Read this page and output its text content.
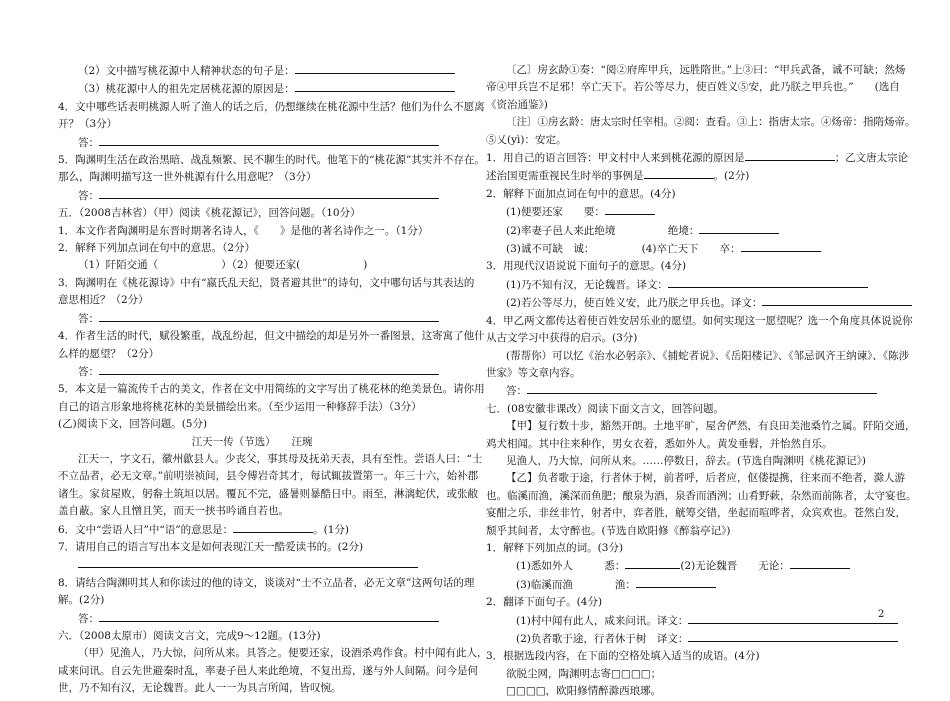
（2）文中描写桃花源中人精神状态的句子是：
（3）桃花源中人的祖先定居桃花源的原因是：
4．文中哪些话表明桃源人听了渔人的话之后，仍想继续在桃花源中生活？他们为什么不愿离
开？（3分）
答：
5．陶渊明生活在政治黑暗、战乱频繁、民不聊生的时代。他笔下的“桃花源”其实并不存在。
那么，陶渊明描写这一世外桃源有什么用意呢？（3分）
答：
五．（2008吉林省）（甲）阅读《桃花源记》，回答问题。（10分）
1．本文作者陶渊明是东晋时期著名诗人，《　　》是他的著名诗作之一。（1分）
2．解释下列加点词在句中的意思。（2分）
（1）阡陌交通（　　　　　　）（2）便要还家(　　　　　　)
3．陶渊明在《桃花源诗》中有“嬴氏乱天纪，贤者避其世”的诗句，文中哪句话与其表达的
意思相近？（2分）
答：
4．作者生活的时代，赋役繁重，战乱纷起，但文中描绘的却是另外一番图景，这寄寓了他什
么样的愿望？（2分）
答：
5．本文是一篇流传千古的美文，作者在文中用简练的文字写出了桃花林的绝美景色。请你用
自己的语言形象地将桃花林的美景描绘出来。（至少运用一种修辞手法）（3分）
(乙)阅读下文，回答问题。(5分)
江天一传（节选）　　汪琬
江天一，字文石，徽州歙县人。少丧父，事其母及抚弟天表，具有至性。尝语人曰：“士
不立品者，必无文章。”前明崇祯间，县令傅岩奇其才，每试辄拔置第一。年三十六，始补郡
诸生。家贫屋败，躬畚土筑垣以居。覆瓦不完，盛暑则暴酷日中。雨至，淋漓蛇伏，或张敝
盖自蔽。家人且憎且笑，而天一挟书吟诵自若也。
6．文中“尝语人曰”中“语”的意思是：	。(1分)
7．请用自己的语言写出本文是如何表现江天一酷爱读书的。(2分)
8．请结合陶渊明其人和你读过的他的诗文，谈谈对“士不立品者，必无文章”这两句话的理
解。(2分)
答：
六．（2008太原市）阅读文言文，完成9～12题。(13分)
（甲）见渔人，乃大惊，问所从来。具答之。便要还家，设酒杀鸡作食。村中闻有此人，
咸来问讯。自云先世避秦时乱，率妻子邑人来此绝境，不复出焉，遂与外人间隔。问今是何
世，乃不知有汉，无论魏晋。此人一一为具言所闻，皆叹惋。
〔乙〕房玄龄①奏：“阅②府库甲兵，远胜隋世。”上③曰：“甲兵武备，诚不可缺；然炀
帝④甲兵岂不足邪！卒亡天下。若公等尽力，使百姓义⑤安，此乃朕之甲兵也。”　　(选自
《资治通鉴》)
〔注〕①房玄龄：唐太宗时任宰相。②阅：查看。③上：指唐太宗。④炀帝：指隋炀帝。
⑤乂(yì)：安定。
1．用自己的语言回答：甲文村中人来到桃花源的原因是	；乙文唐太宗论
述治国更需重视民生时举的事例是	。(2分)
2．解释下面加点词在句中的意思。(4分)
(1)便要还家　　要：
(2)率妻子邑人来此绝境　　　　　绝境：
(3)诚不可缺　诚：　　　　　(4)卒亡天下　　卒：
3．用现代汉语说说下面句子的意思。(4分)
(1)乃不知有汉，无论魏晋。译文：
(2)若公等尽力，使百姓义安，此乃朕之甲兵也。译文：
4．甲乙两文都传达着使百姓安居乐业的愿望。如何实现这一愿望呢？选一个角度具体说说你
从古文学习中获得的启示。(3分)
(帮帮你）可以忆《治水必躬亲》、《捕蛇者说》、《岳阳楼记》、《邹忌讽齐王纳谏》、《陈涉
世家》等文章内容。
答：
七．(08安徽非课改）阅读下面文言文，回答问题。
【甲】复行数十步，豁然开朗。土地平旷，屋舍俨然，有良田美池桑竹之属。阡陌交通，
鸡犬相闻。其中往来种作，男女衣着，悉如外人。黄发垂髫，并怡然自乐。
见渔人，乃大惊，问所从来。……停数日，辞去。(节选自陶渊明《桃花源记》)
【乙】负者歌于途，行者休于树，前者呼，后者应，伛偻提携，往来而不绝者，滁人游
也。临溪而渔，溪深而鱼肥；酿泉为酒，泉香而酒洌；山肴野蔌，杂然而前陈者，太守宴也。
宴酣之乐，非丝非竹，射者中，弈者胜，觥筹交错，坐起而喧哗者，众宾欢也。苍然白发，
颓乎其间者，太守醉也。(节选自欧阳修《醉翁亭记》)
1．解释下列加点的词。(3分)
(1)悉如外人　　　悉：	(2)无论魏晋　　无论：
(3)临溪而渔　　　　渔：
2．翻译下面句子。(4分)
(1)村中闻有此人，咸来问讯。译文：
(2)负者歌于途，行者休于树　译文：
3．根据选段内容，在下面的空格处填入适当的成语。(4分)
欲脱尘网，陶渊明志寄□□□□；
□□□□，欧阳修情醉滁西琅琊。
2
